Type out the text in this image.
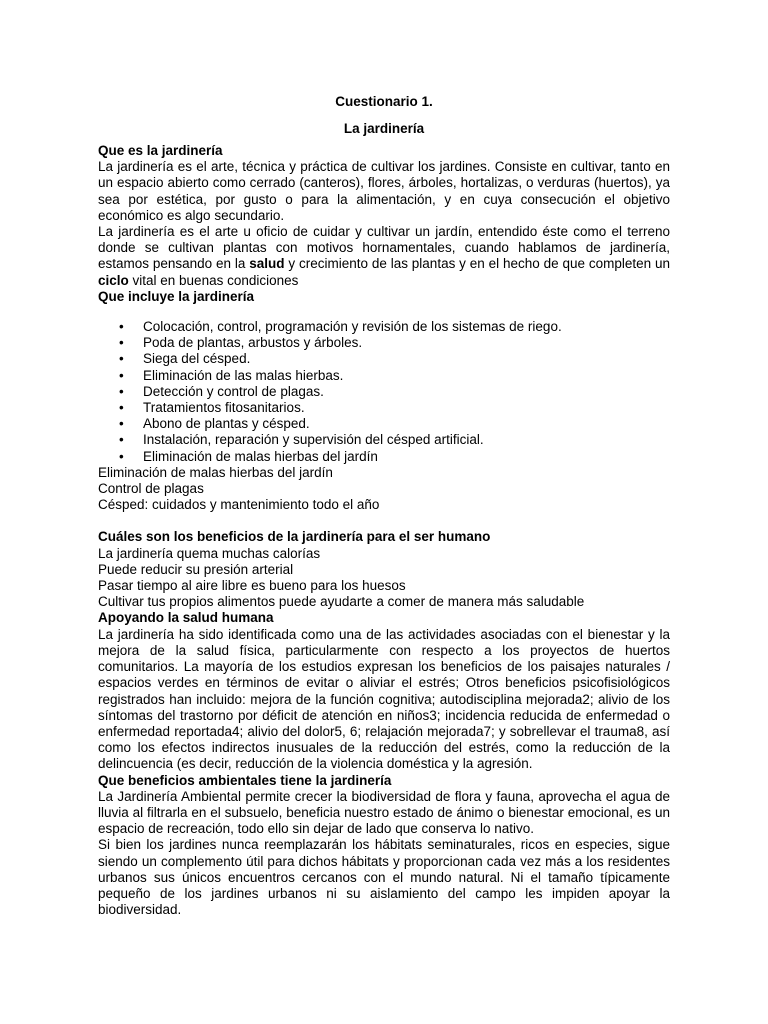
Cuestionario 1.
La jardinería
Que es la jardinería

La jardinería es el arte, técnica y práctica de cultivar los jardines. Consiste en cultivar, tanto en un espacio abierto como cerrado (canteros), flores, árboles, hortalizas, o verduras (huertos), ya sea por estética, por gusto o para la alimentación, y en cuya consecución el objetivo económico es algo secundario.

La jardinería es el arte u oficio de cuidar y cultivar un jardín, entendido éste como el terreno donde se cultivan plantas con motivos hornamentales, cuando hablamos de jardinería, estamos pensando en la salud y crecimiento de las plantas y en el hecho de que completen un ciclo vital en buenas condiciones

Que incluye la jardinería
• Colocación, control, programación y revisión de los sistemas de riego.
• Poda de plantas, arbustos y árboles.
• Siega del césped.
• Eliminación de las malas hierbas.
• Detección y control de plagas.
• Tratamientos fitosanitarios.
• Abono de plantas y césped.
• Instalación, reparación y supervisión del césped artificial.
• Eliminación de malas hierbas del jardín

Eliminación de malas hierbas del jardín

Control de plagas

Césped: cuidados y mantenimiento todo el año

Cuáles son los beneficios de la jardinería para el ser humano

La jardinería quema muchas calorías

Puede reducir su presión arterial

Pasar tiempo al aire libre es bueno para los huesos

Cultivar tus propios alimentos puede ayudarte a comer de manera más saludable

Apoyando la salud humana

La jardinería ha sido identificada como una de las actividades asociadas con el bienestar y la mejora de la salud física, particularmente con respecto a los proyectos de huertos comunitarios. La mayoría de los estudios expresan los beneficios de los paisajes naturales / espacios verdes en términos de evitar o aliviar el estrés; Otros beneficios psicofisiológicos registrados han incluido: mejora de la función cognitiva; autodisciplina mejorada2; alivio de los síntomas del trastorno por déficit de atención en niños3; incidencia reducida de enfermedad o enfermedad reportada4; alivio del dolor5, 6; relajación mejorada7; y sobrellevar el trauma8, así como los efectos indirectos inusuales de la reducción del estrés, como la reducción de la delincuencia (es decir, reducción de la violencia doméstica y la agresión.

Que beneficios ambientales tiene la jardinería

La Jardinería Ambiental permite crecer la biodiversidad de flora y fauna, aprovecha el agua de lluvia al filtrarla en el subsuelo, beneficia nuestro estado de ánimo o bienestar emocional, es un espacio de recreación, todo ello sin dejar de lado que conserva lo nativo.

Si bien los jardines nunca reemplazarán los hábitats seminaturales, ricos en especies, sigue siendo un complemento útil para dichos hábitats y proporcionan cada vez más a los residentes urbanos sus únicos encuentros cercanos con el mundo natural. Ni el tamaño típicamente pequeño de los jardines urbanos ni su aislamiento del campo les impiden apoyar la biodiversidad.
